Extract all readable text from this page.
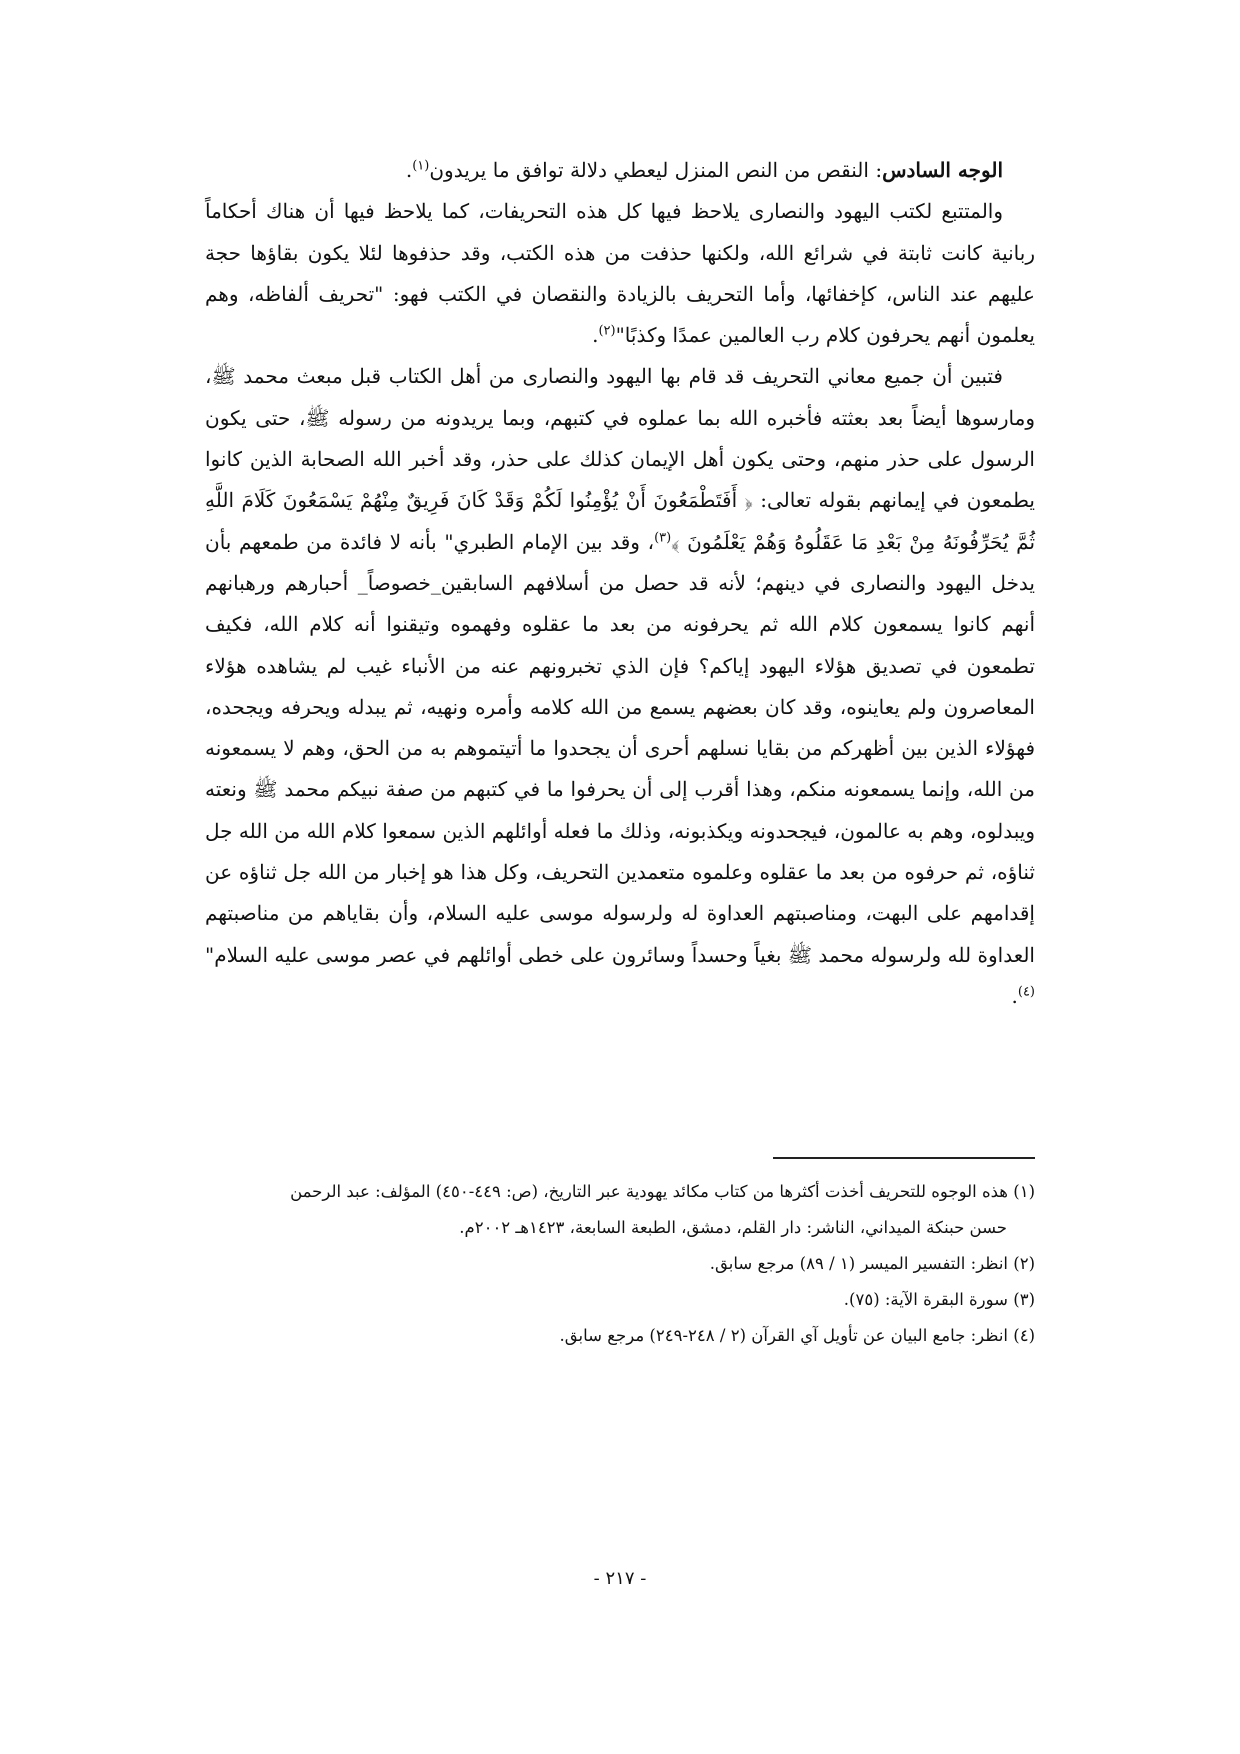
الوجه السادس: النقص من النص المنزل ليعطي دلالة توافق ما يريدون$^{(١)}$.

والمتتبع لكتب اليهود والنصارى يلاحظ فيها كل هذه التحريفات، كما يلاحظ فيها أن هناك أحكاماً ربانية كانت ثابتة في شرائع الله، ولكنها حذفت من هذه الكتب، وقد حذفوها لئلا يكون بقاؤها حجة عليهم عند الناس، كإخفائها، وأما التحريف بالزيادة والنقصان في الكتب فهو: "تحريف ألفاظه، وهم يعلمون أنهم يحرفون كلام رب العالمين عمدًا وكذبًا"$^{(٢)}$.

فتبين أن جميع معاني التحريف قد قام بها اليهود والنصارى من أهل الكتاب قبل مبعث محمد ﷺ، ومارسوها أيضاً بعد بعثته فأخبره الله بما عملوه في كتبهم، وبما يريدونه من رسوله ﷺ، حتى يكون الرسول على حذر منهم، وحتى يكون أهل الإيمان كذلك على حذر، وقد أخبر الله الصحابة الذين كانوا يطمعون في إيمانهم بقوله تعالى: ﴿ أَفَتَطْمَعُونَ أَنْ يُؤْمِنُوا لَكُمْ وَقَدْ كَانَ فَرِيقٌ مِنْهُمْ يَسْمَعُونَ كَلَامَ اللَّهِ ثُمَّ يُحَرِّفُونَهُ مِنْ بَعْدِ مَا عَقَلُوهُ وَهُمْ يَعْلَمُونَ ﴾$^{(٣)}$، وقد بين الإمام الطبري" بأنه لا فائدة من طمعهم بأن يدخل اليهود والنصارى في دينهم؛ لأنه قد حصل من أسلافهم السابقين_خصوصاً_ أحبارهم ورهبانهم أنهم كانوا يسمعون كلام الله ثم يحرفونه من بعد ما عقلوه وفهموه وتيقنوا أنه كلام الله، فكيف تطمعون في تصديق هؤلاء اليهود إياكم؟ فإن الذي تخبرونهم عنه من الأنباء غيب لم يشاهده هؤلاء المعاصرون ولم يعاينوه، وقد كان بعضهم يسمع من الله كلامه وأمره ونهيه، ثم يبدله ويحرفه ويجحده، فهؤلاء الذين بين أظهركم من بقايا نسلهم أحرى أن يجحدوا ما أتيتموهم به من الحق، وهم لا يسمعونه من الله، وإنما يسمعونه منكم، وهذا أقرب إلى أن يحرفوا ما في كتبهم من صفة نبيكم محمد ﷺ ونعته ويبدلوه، وهم به عالمون، فيجحدونه ويكذبونه، وذلك ما فعله أوائلهم الذين سمعوا كلام الله من الله جل ثناؤه، ثم حرفوه من بعد ما عقلوه وعلموه متعمدين التحريف، وكل هذا هو إخبار من الله جل ثناؤه عن إقدامهم على البهت، ومناصبتهم العداوة له ولرسوله موسى عليه السلام، وأن بقاياهم من مناصبتهم العداوة لله ولرسوله محمد ﷺ بغياً وحسداً وسائرون على خطى أوائلهم في عصر موسى عليه السلام"$^{(٤)}$.

(١) هذه الوجوه للتحريف أخذت أكثرها من كتاب مكائد يهودية عبر التاريخ، (ص: ٤٤٩-٤٥٠) المؤلف: عبد الرحمن

حسن حبنكة الميداني، الناشر: دار القلم، دمشق، الطبعة السابعة، ١٤٢٣هـ ٢٠٠٢م.

(٢) انظر: التفسير الميسر (١ / ٨٩) مرجع سابق.

(٣) سورة البقرة الآية: (٧٥).

(٤) انظر: جامع البيان عن تأويل آي القرآن (٢ / ٢٤٨-٢٤٩) مرجع سابق.

- ٢١٧ -
